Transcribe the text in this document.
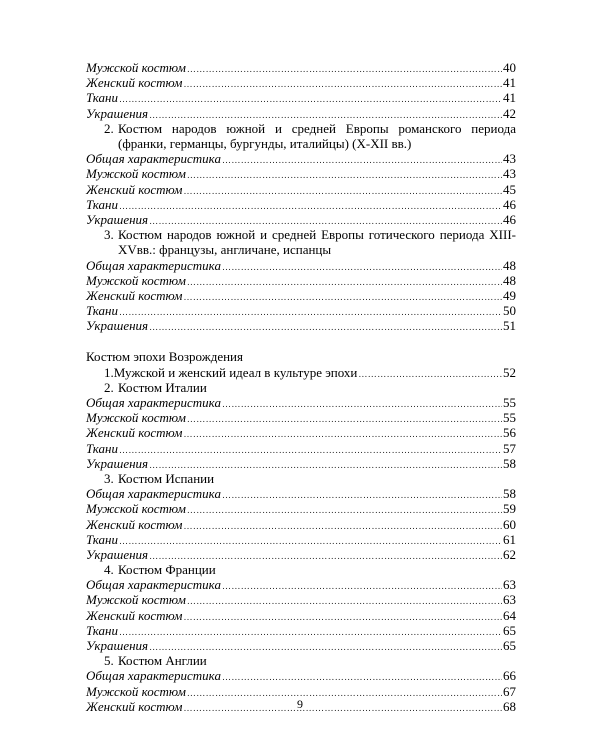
Мужской костюм ……………………………………………………………………………………………………………………………………………………………………………………	40
Женский костюм ……………………………………………………………………………………………………………………………………………………………………………………	41
Ткани ……………………………………………………………………………………………………………………………………………………………………………………	41
Украшения ……………………………………………………………………………………………………………………………………………………………………………………	42
2. Костюм народов южной и средней Европы романского периода (франки, германцы, бургунды, италийцы) (X-XII вв.)
Общая характеристика ……………………………………………………………………………………………………………………………………………………………………………………	43
Мужской костюм ……………………………………………………………………………………………………………………………………………………………………………………	43
Женский костюм ……………………………………………………………………………………………………………………………………………………………………………………	45
Ткани ……………………………………………………………………………………………………………………………………………………………………………………	46
Украшения ……………………………………………………………………………………………………………………………………………………………………………………	46
3. Костюм народов южной и средней Европы готического периода XIII-XVвв.: французы, англичане, испанцы
Общая характеристика ……………………………………………………………………………………………………………………………………………………………………………………	48
Мужской костюм ……………………………………………………………………………………………………………………………………………………………………………………	48
Женский костюм ……………………………………………………………………………………………………………………………………………………………………………………	49
Ткани ……………………………………………………………………………………………………………………………………………………………………………………	50
Украшения ……………………………………………………………………………………………………………………………………………………………………………………	51
Костюм эпохи Возрождения
1. Мужской и женский идеал в культуре эпохи ……………………………………………………………………………………………………………………………………………………………………………………	52
2. Костюм Италии
Общая характеристика ……………………………………………………………………………………………………………………………………………………………………………………	55
Мужской костюм ……………………………………………………………………………………………………………………………………………………………………………………	55
Женский костюм ……………………………………………………………………………………………………………………………………………………………………………………	56
Ткани ……………………………………………………………………………………………………………………………………………………………………………………	57
Украшения ……………………………………………………………………………………………………………………………………………………………………………………	58
3. Костюм Испании
Общая характеристика ……………………………………………………………………………………………………………………………………………………………………………………	58
Мужской костюм ……………………………………………………………………………………………………………………………………………………………………………………	59
Женский костюм ……………………………………………………………………………………………………………………………………………………………………………………	60
Ткани ……………………………………………………………………………………………………………………………………………………………………………………	61
Украшения ……………………………………………………………………………………………………………………………………………………………………………………	62
4. Костюм Франции
Общая характеристика ……………………………………………………………………………………………………………………………………………………………………………………	63
Мужской костюм ……………………………………………………………………………………………………………………………………………………………………………………	63
Женский костюм ……………………………………………………………………………………………………………………………………………………………………………………	64
Ткани ……………………………………………………………………………………………………………………………………………………………………………………	65
Украшения ……………………………………………………………………………………………………………………………………………………………………………………	65
5. Костюм Англии
Общая характеристика ……………………………………………………………………………………………………………………………………………………………………………………	66
Мужской костюм ……………………………………………………………………………………………………………………………………………………………………………………	67
Женский костюм ……………………………………………………………………………………………………………………………………………………………………………………	68
9
